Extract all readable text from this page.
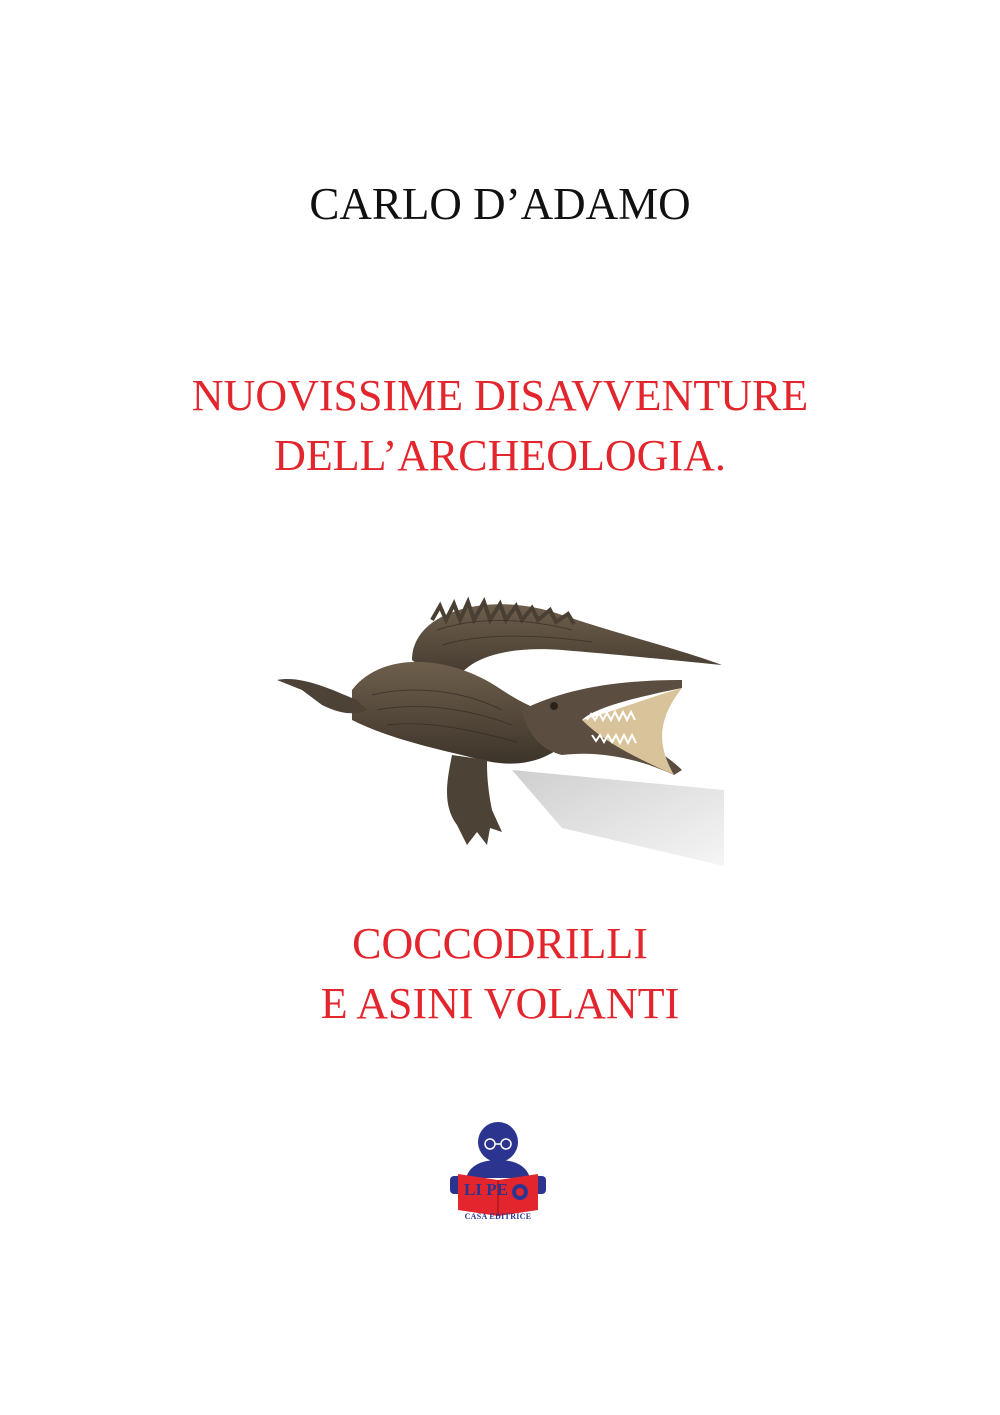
CARLO D’ADAMO
NUOVISSIME DISAVVENTURE
DELL’ARCHEOLOGIA.
COCCODRILLI
E ASINI VOLANTI
LI PE
CASA EDITRICE
